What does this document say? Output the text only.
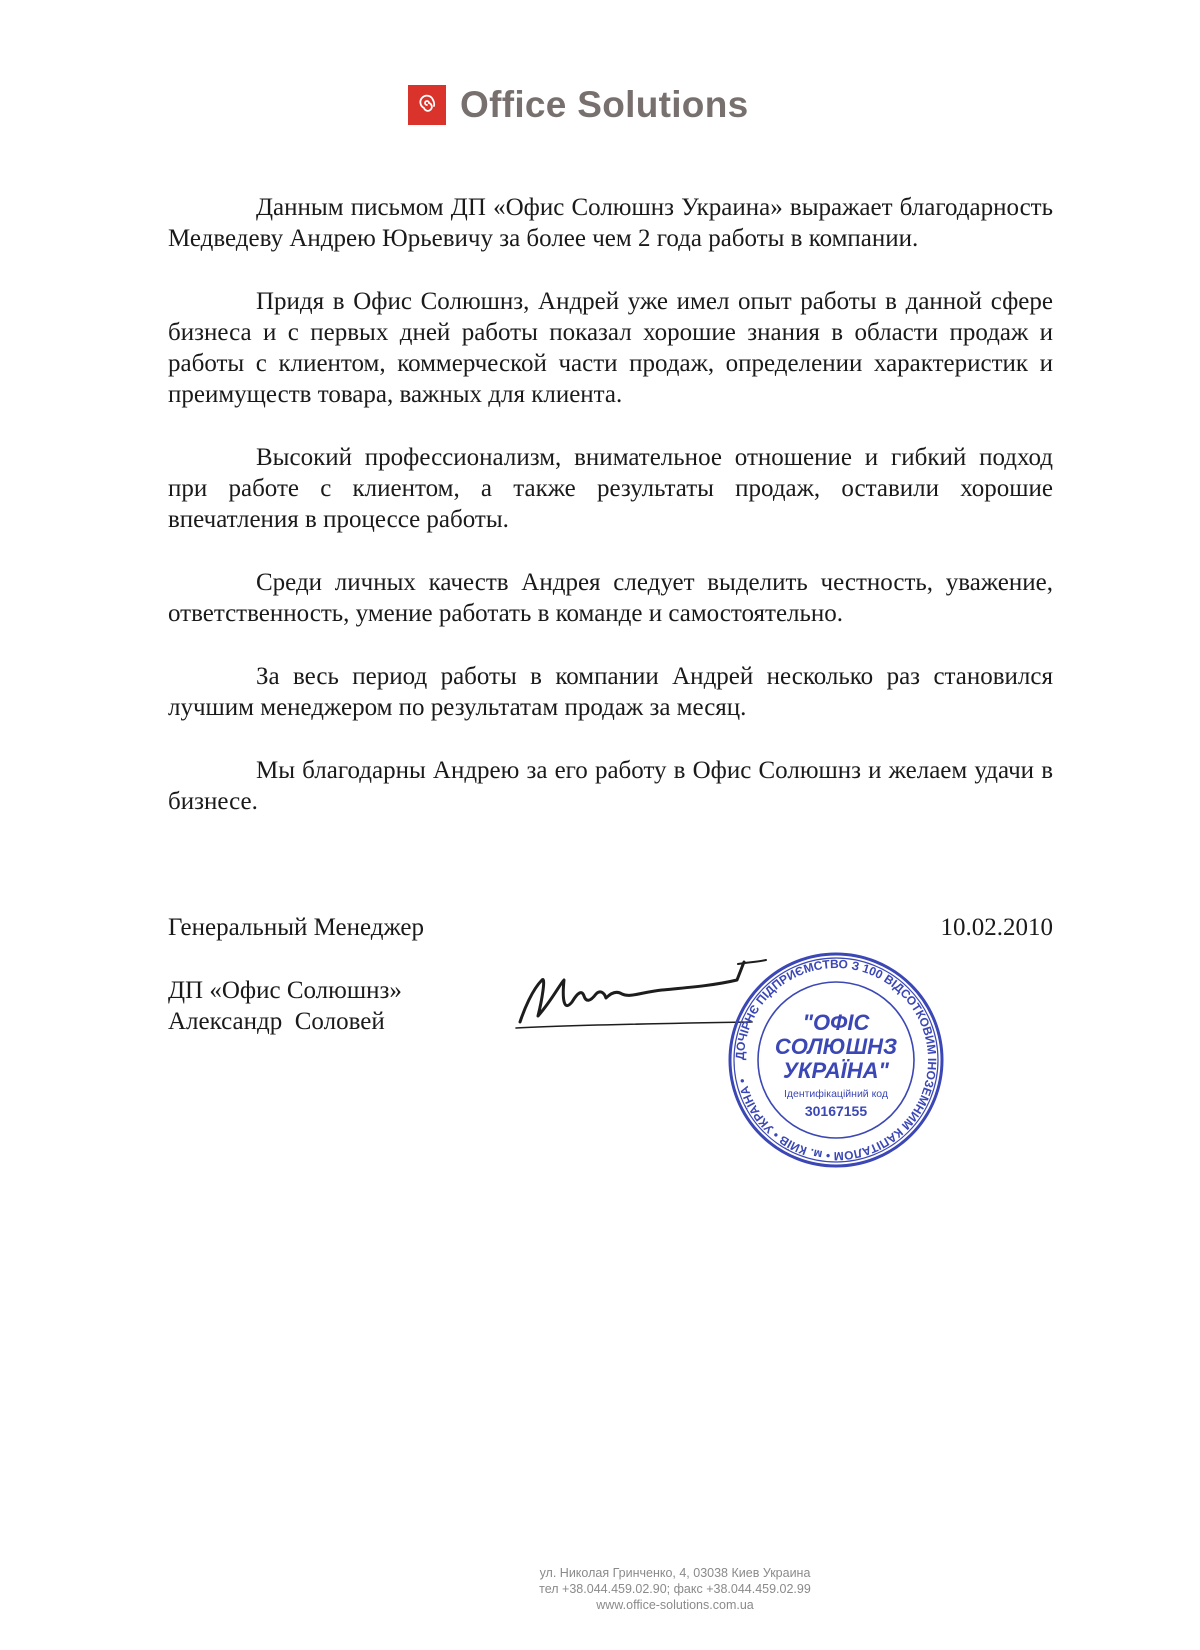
Office Solutions

Данным письмом ДП «Офис Солюшнз Украина» выражает благодарность Медведеву Андрею Юрьевичу за более чем 2 года работы в компании.

Придя в Офис Солюшнз, Андрей уже имел опыт работы в данной сфере бизнеса и с первых дней работы показал хорошие знания в области продаж и работы с клиентом, коммерческой части продаж, определении характеристик и преимуществ товара, важных для клиента.

Высокий профессионализм, внимательное отношение и гибкий подход при работе с клиентом, а также результаты продаж, оставили хорошие впечатления в процессе работы.

Среди личных качеств Андрея следует выделить честность, уважение, ответственность, умение работать в команде и самостоятельно.

За весь период работы в компании Андрей несколько раз становился лучшим менеджером по результатам продаж за месяц.

Мы благодарны Андрею за его работу в Офис Солюшнз и желаем удачи в бизнесе.

Генеральный Менеджер	10.02.2010
ДП «Офис Солюшнз»
Александр  Соловей
ДОЧІРНЄ ПІДПРИЄМСТВО З 100 ВІДСОТКОВИМ ІНОЗЕМНИМ КАПІТАЛОМ • м. КИЇВ • УКРАЇНА •
"ОФІС
СОЛЮШНЗ
УКРАЇНА"
Ідентифікаційний код
30167155
ул. Николая Гринченко, 4, 03038 Киев Украина
тел +38.044.459.02.90; факс +38.044.459.02.99
www.office-solutions.com.ua
